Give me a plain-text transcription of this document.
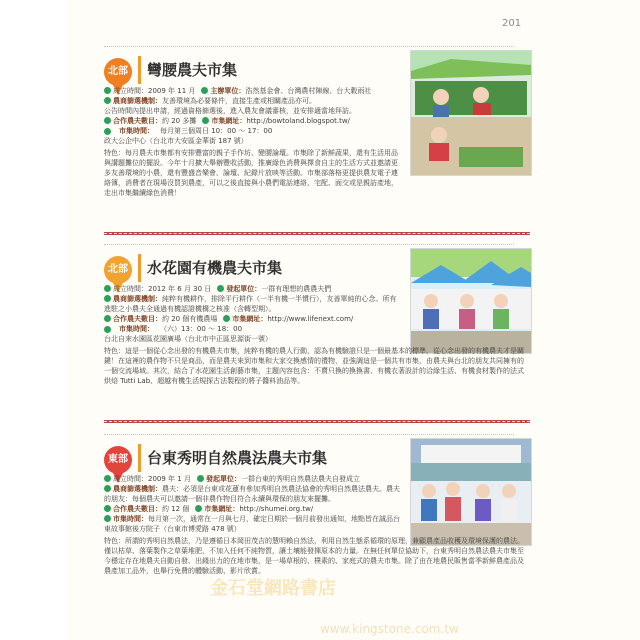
201
北部	彎腰農夫市集
成立時間：2009 年 11 月	主辦單位：浩然基金會、台灣農村陣線、台大穀雨社
農商篩選機制：友善環境為必要條件，直接生產或相關產品亦可。
公告時間內提出申請，經過資格篩選後，進入農友會議審核，並安排適當地拜訪。
合作農夫數目：約 20 多攤	市集網址：http://bowtoland.blogspot.tw/
市集時間： 每月第三個周日 10：00 ～ 17：00
政大公企中心（台北市大安區金華街 187 號）
特色：每月農夫市集都有安排豐富的親子手作坊、變腰論壇。市集除了新鮮蔬果，還有生活用品與講題攤位的擺設。今年十月擴大舉辦豐收活動，推廣綠色消費與擇食自主的生活方式並邀請更多友善環境的小農，還有豐盛音樂會、論壇、紀錄片放映等活動。市集部落格更提供農友電子連絡簿，消費者在現場沒買到農產，可以之後直接與小農們電話連絡，宅配、面交或是親訪產地，走出市集繼續綠色消費！
北部	水花園有機農夫市集
成立時間：2012 年 6 月 30 日	發起單位：一群有理想的農農夫們
農商篩選機制：純粹有機耕作，排除平行耕作（一半有機一半慣行），友善單純的心念。所有進駐之小農夫全通過有機認證機構之核准（含轉型期）。
合作農夫數目：約 20 個有機農場	市集網址：http://www.lifenext.com/
市集時間： （六）13：00 ～ 18：00
台北自來水園區花園廣場（台北市中正區思源街一號）
特色：這是一個從心念出發的有機農夫市集，純粹有機的農人行動，認為有機驗證只是一個最基本的標準，從心念出發的有機農夫才是關鍵！在這裡的農作物不只是商品，而是農夫來到市集和大家交換感情的禮物，並強調這是一個共有市集，由農夫與台北的朋友共同擁有的一個交流場域。其次，結合了水花園生活創藝市集，主題內容包含：不賣只換的換換書、有機衣著設計的洽綠生活、有機食材製作的法式烘焙 Tutti Lab、超越有機生活規探古法製程的將子醬料油品等。
東部	台東秀明自然農法農夫市集
成立時間：2009 年 1 月	發起單位：一群台東的秀明自然農法農夫自發成立
農商篩選機制：農夫：必須是台東或花蓮有參加秀明自然農法協會的秀明自然農法農夫。農夫的朋友：每個農夫可以邀請一個非農作物目符合永續與環保的朋友來擺攤。
合作農夫數目：約 12 個	市集網址：http://shumei.org.tw/
市集時間：每月第一次，通常在一月與七月，確定日期於一個月前發出通知，地點皆在誠品台東故事館後方院子（台東市博愛路 478 號）
特色：所謂的秀明自然農法，乃是遵循日本岡田茂吉的慧明賴自然法，利用自然生態系循環的原理，兼顧農產品收穫及環境保護的農法。僅以枯草、落葉製作之草葉堆肥，不加入任何不純物質，讓土壤能發揮原本的力量。在無任何單位協助下，台東秀明自然農法農夫市集至今穩定存在地農夫自動自發、出錢出力的在地市集，是一場草根的、樸素的、家庭式的農夫市集。除了由在地農民販售當季新鮮農產品及農產加工品外，也舉行免費的體驗活動、影片欣賞。
金石堂網路書店
www.kingstone.com.tw
